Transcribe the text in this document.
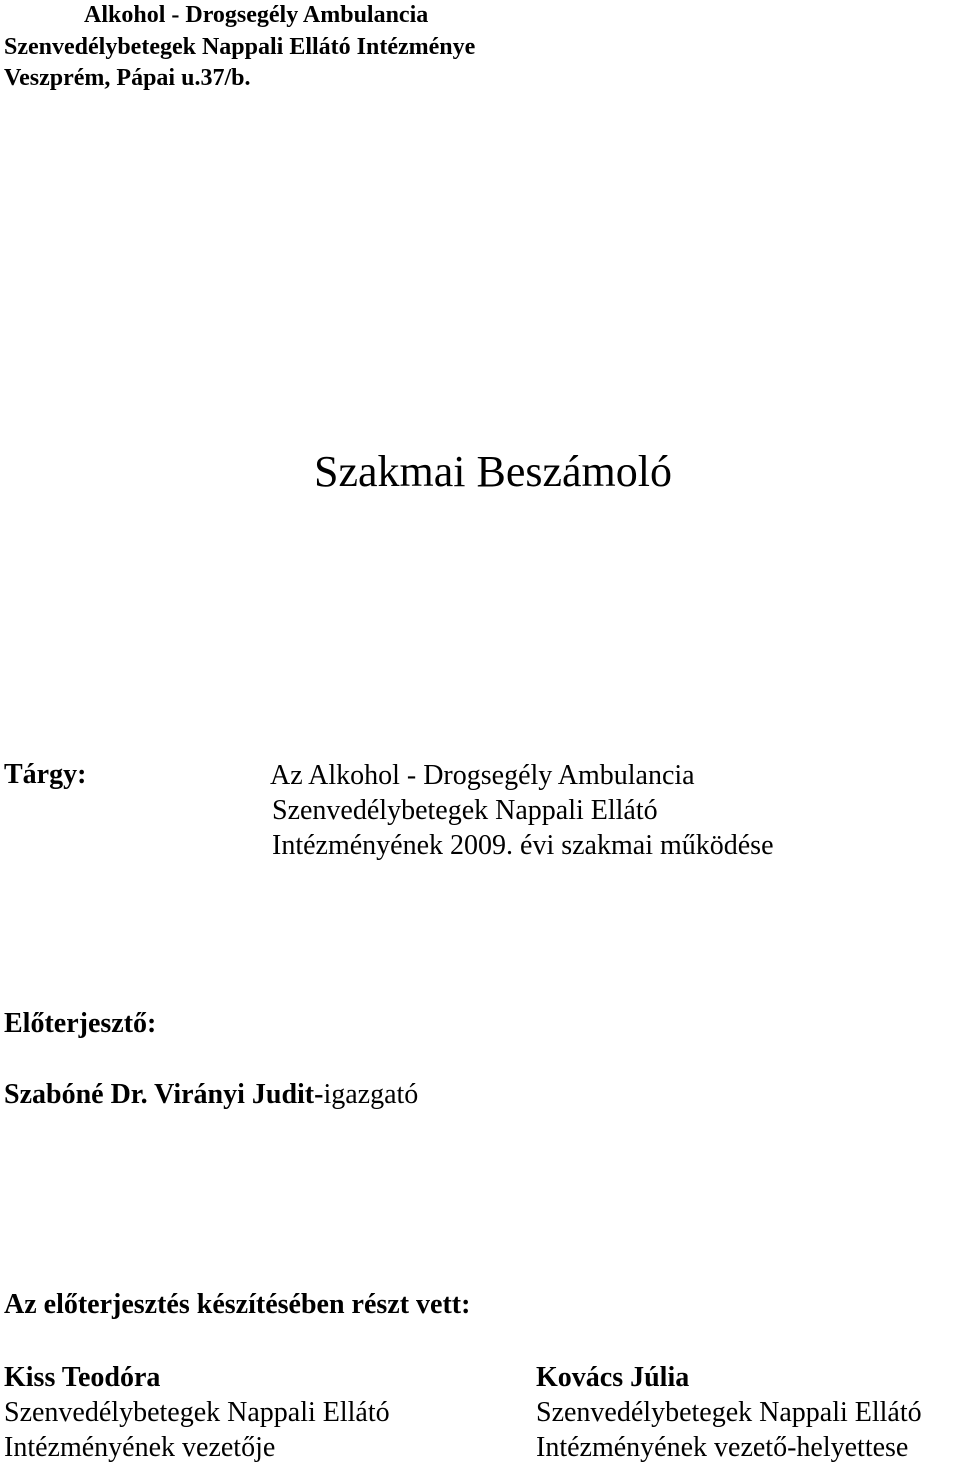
Alkohol - Drogsegély Ambulancia
Szenvedélybetegek Nappali Ellátó Intézménye
Veszprém, Pápai u.37/b.
Szakmai Beszámoló
Tárgy:	Az Alkohol - Drogsegély Ambulancia
Szenvedélybetegek Nappali Ellátó
Intézményének 2009. évi szakmai működése
Előterjesztő:
Szabóné Dr. Virányi Judit-igazgató
Az előterjesztés készítésében részt vett:
Kiss Teodóra
Szenvedélybetegek Nappali Ellátó
Intézményének vezetője
Kovács Júlia
Szenvedélybetegek Nappali Ellátó
Intézményének vezető-helyettese
